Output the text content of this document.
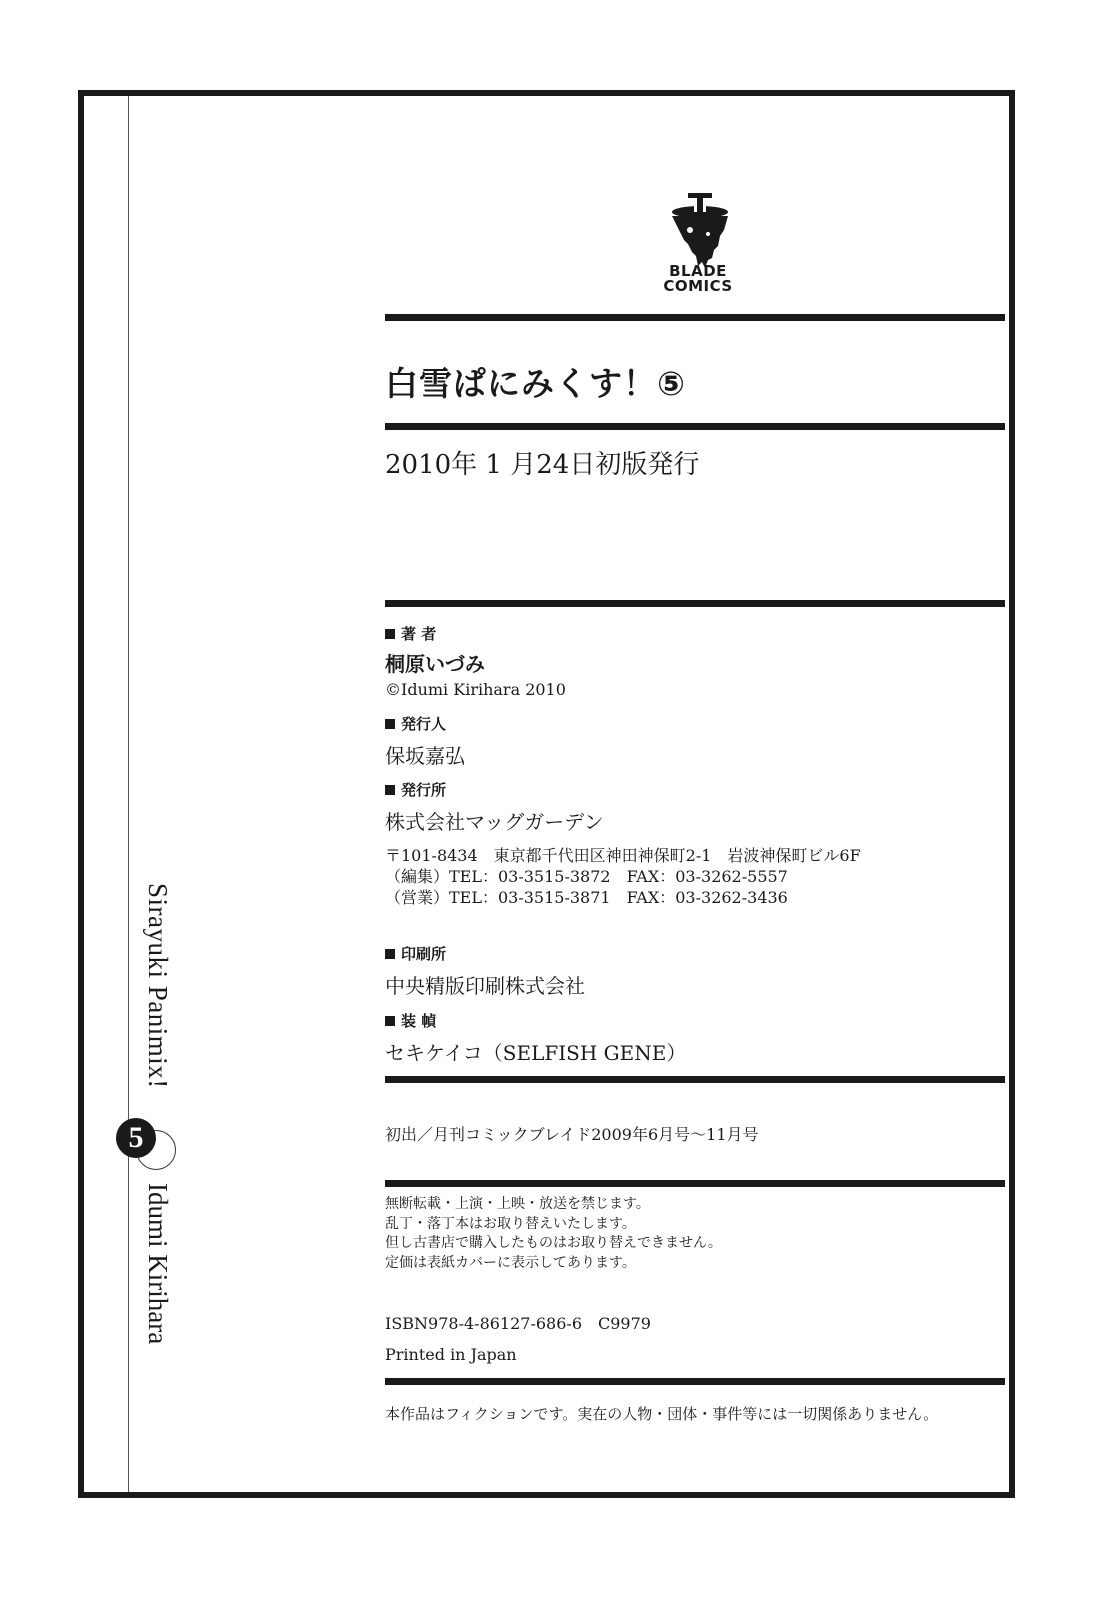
Sirayuki Panimix!
5
Idumi Kirihara
BLADE
COMICS
白雪ぱにみくす！⑤
2010年 1 月24日初版発行
著 者
桐原いづみ
©Idumi Kirihara 2010
発行人
保坂嘉弘
発行所
株式会社マッグガーデン
〒101-8434　東京都千代田区神田神保町2-1　岩波神保町ビル6F
（編集）TEL：03-3515-3872　FAX：03-3262-5557
（営業）TEL：03-3515-3871　FAX：03-3262-3436
印刷所
中央精版印刷株式会社
装 幀
セキケイコ（SELFISH GENE）
初出／月刊コミックブレイド2009年6月号～11月号
無断転載・上演・上映・放送を禁じます。
乱丁・落丁本はお取り替えいたします。
但し古書店で購入したものはお取り替えできません。
定価は表紙カバーに表示してあります。
ISBN978-4-86127-686-6　C9979
Printed in Japan
本作品はフィクションです。実在の人物・団体・事件等には一切関係ありません。
